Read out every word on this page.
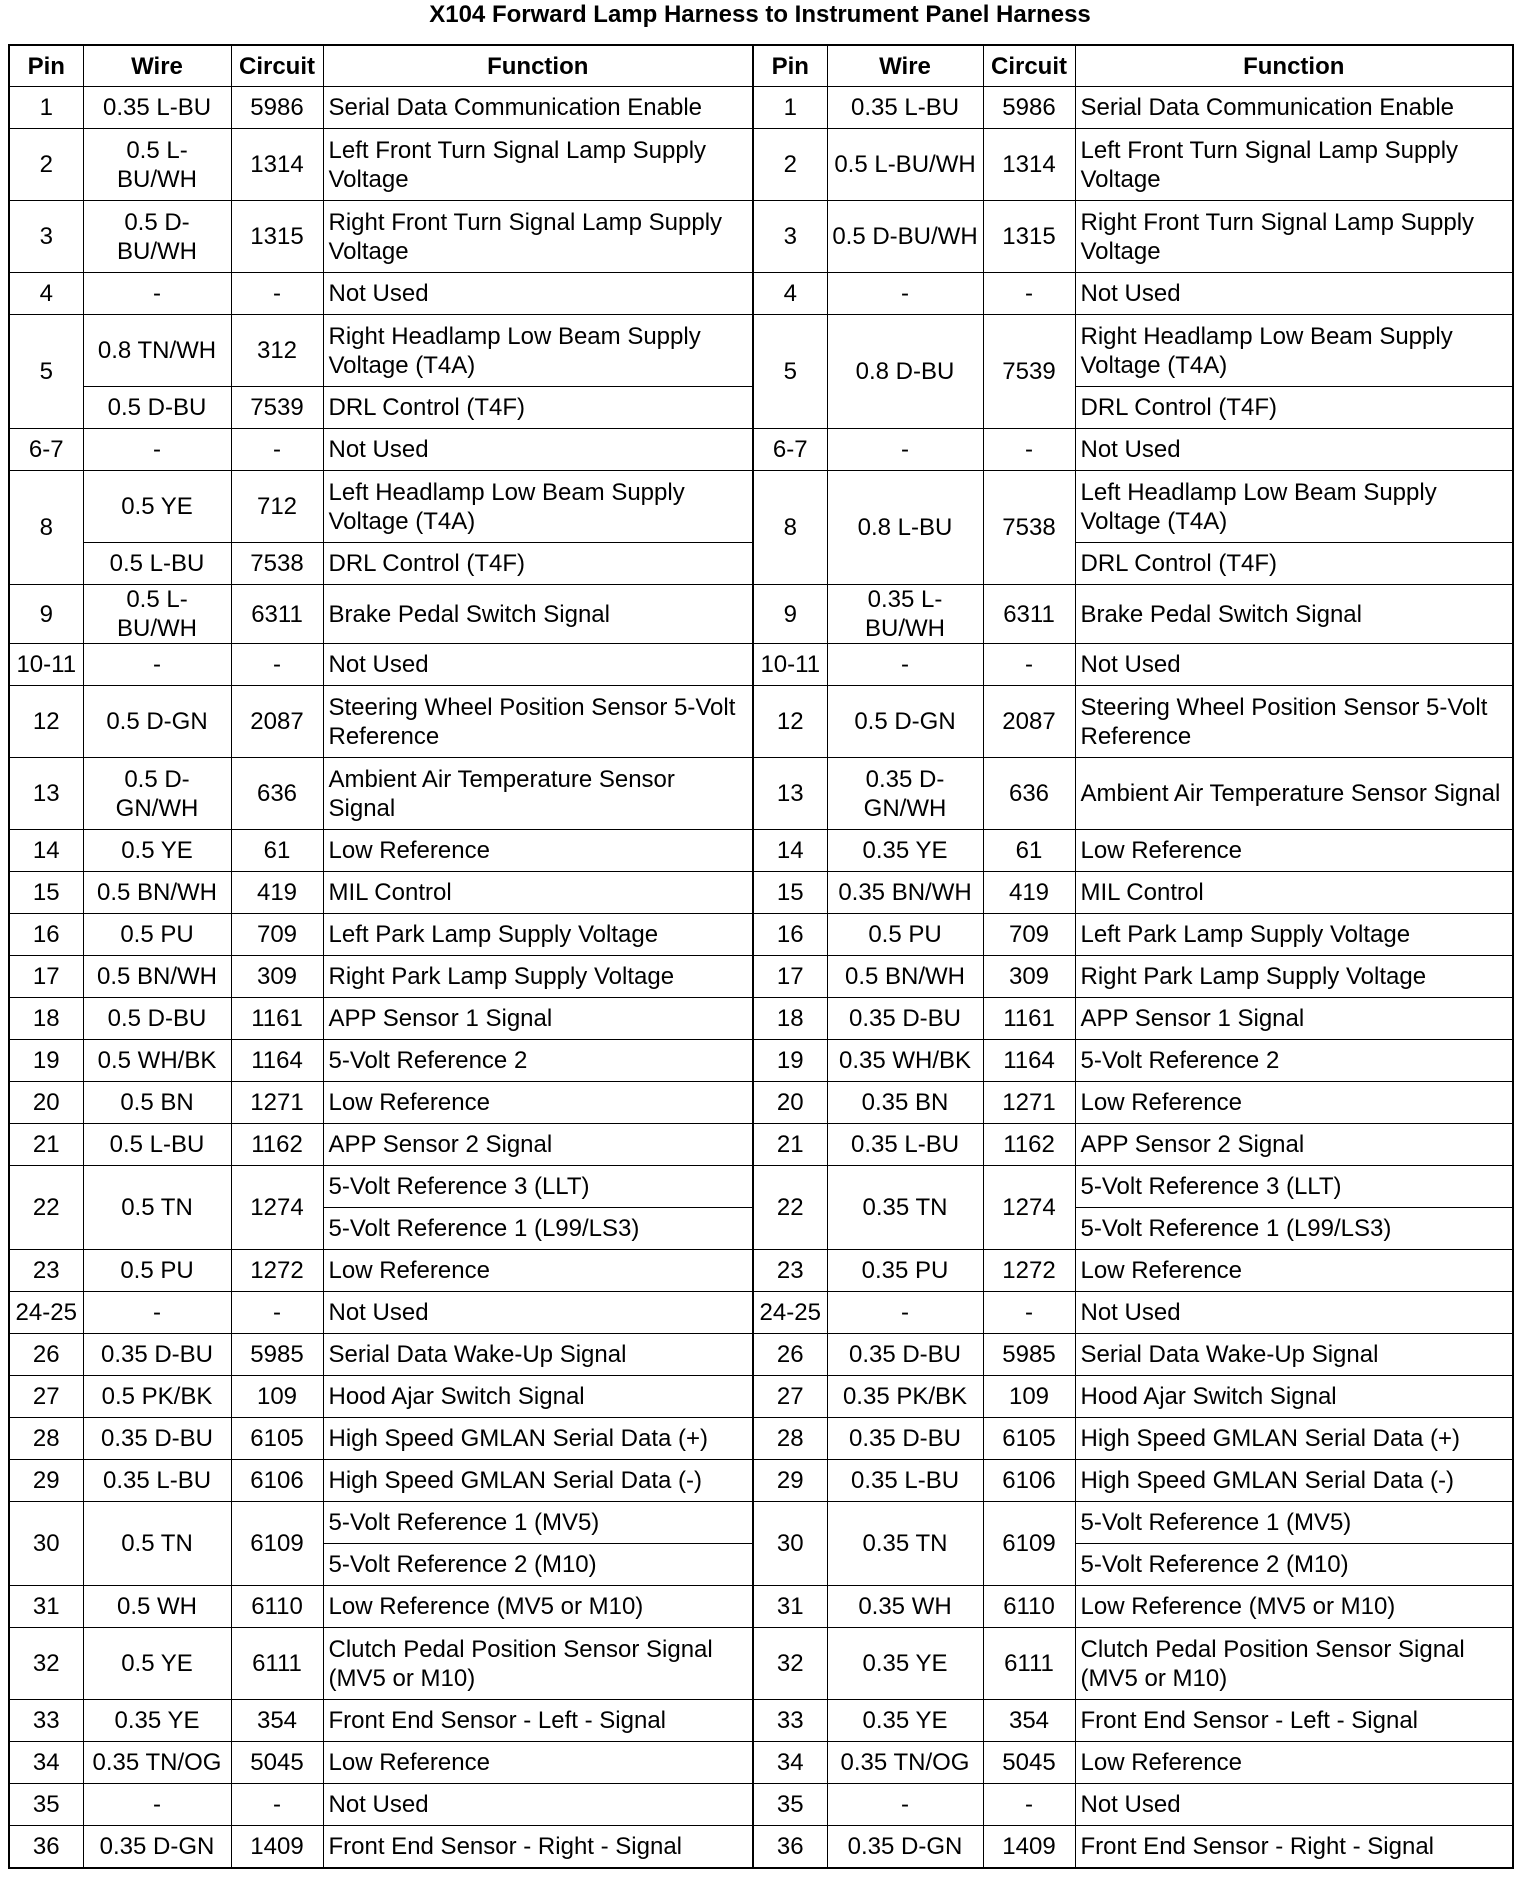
X104 Forward Lamp Harness to Instrument Panel Harness
Pin	Wire	Circuit	Function	Pin	Wire	Circuit	Function
1	0.35 L-BU	5986	Serial Data Communication Enable	1	0.35 L-BU	5986	Serial Data Communication Enable
2	0.5 L-BU/WH	1314	Left Front Turn Signal Lamp Supply Voltage	2	0.5 L-BU/WH	1314	Left Front Turn Signal Lamp Supply Voltage
3	0.5 D-BU/WH	1315	Right Front Turn Signal Lamp Supply Voltage	3	0.5 D-BU/WH	1315	Right Front Turn Signal Lamp Supply Voltage
4	-	-	Not Used	4	-	-	Not Used
5	0.8 TN/WH	312	Right Headlamp Low Beam Supply Voltage (T4A)	5	0.8 D-BU	7539	Right Headlamp Low Beam Supply Voltage (T4A)
	0.5 D-BU	7539	DRL Control (T4F)				DRL Control (T4F)
6-7	-	-	Not Used	6-7	-	-	Not Used
8	0.5 YE	712	Left Headlamp Low Beam Supply Voltage (T4A)	8	0.8 L-BU	7538	Left Headlamp Low Beam Supply Voltage (T4A)
	0.5 L-BU	7538	DRL Control (T4F)				DRL Control (T4F)
9	0.5 L-BU/WH	6311	Brake Pedal Switch Signal	9	0.35 L-BU/WH	6311	Brake Pedal Switch Signal
10-11	-	-	Not Used	10-11	-	-	Not Used
12	0.5 D-GN	2087	Steering Wheel Position Sensor 5-Volt Reference	12	0.5 D-GN	2087	Steering Wheel Position Sensor 5-Volt Reference
13	0.5 D-GN/WH	636	Ambient Air Temperature Sensor Signal	13	0.35 D-GN/WH	636	Ambient Air Temperature Sensor Signal
14	0.5 YE	61	Low Reference	14	0.35 YE	61	Low Reference
15	0.5 BN/WH	419	MIL Control	15	0.35 BN/WH	419	MIL Control
16	0.5 PU	709	Left Park Lamp Supply Voltage	16	0.5 PU	709	Left Park Lamp Supply Voltage
17	0.5 BN/WH	309	Right Park Lamp Supply Voltage	17	0.5 BN/WH	309	Right Park Lamp Supply Voltage
18	0.5 D-BU	1161	APP Sensor 1 Signal	18	0.35 D-BU	1161	APP Sensor 1 Signal
19	0.5 WH/BK	1164	5-Volt Reference 2	19	0.35 WH/BK	1164	5-Volt Reference 2
20	0.5 BN	1271	Low Reference	20	0.35 BN	1271	Low Reference
21	0.5 L-BU	1162	APP Sensor 2 Signal	21	0.35 L-BU	1162	APP Sensor 2 Signal
22	0.5 TN	1274	5-Volt Reference 3 (LLT)	22	0.35 TN	1274	5-Volt Reference 3 (LLT)
			5-Volt Reference 1 (L99/LS3)				5-Volt Reference 1 (L99/LS3)
23	0.5 PU	1272	Low Reference	23	0.35 PU	1272	Low Reference
24-25	-	-	Not Used	24-25	-	-	Not Used
26	0.35 D-BU	5985	Serial Data Wake-Up Signal	26	0.35 D-BU	5985	Serial Data Wake-Up Signal
27	0.5 PK/BK	109	Hood Ajar Switch Signal	27	0.35 PK/BK	109	Hood Ajar Switch Signal
28	0.35 D-BU	6105	High Speed GMLAN Serial Data (+)	28	0.35 D-BU	6105	High Speed GMLAN Serial Data (+)
29	0.35 L-BU	6106	High Speed GMLAN Serial Data (-)	29	0.35 L-BU	6106	High Speed GMLAN Serial Data (-)
30	0.5 TN	6109	5-Volt Reference 1 (MV5)	30	0.35 TN	6109	5-Volt Reference 1 (MV5)
			5-Volt Reference 2 (M10)				5-Volt Reference 2 (M10)
31	0.5 WH	6110	Low Reference (MV5 or M10)	31	0.35 WH	6110	Low Reference (MV5 or M10)
32	0.5 YE	6111	Clutch Pedal Position Sensor Signal (MV5 or M10)	32	0.35 YE	6111	Clutch Pedal Position Sensor Signal (MV5 or M10)
33	0.35 YE	354	Front End Sensor - Left - Signal	33	0.35 YE	354	Front End Sensor - Left - Signal
34	0.35 TN/OG	5045	Low Reference	34	0.35 TN/OG	5045	Low Reference
35	-	-	Not Used	35	-	-	Not Used
36	0.35 D-GN	1409	Front End Sensor - Right - Signal	36	0.35 D-GN	1409	Front End Sensor - Right - Signal
